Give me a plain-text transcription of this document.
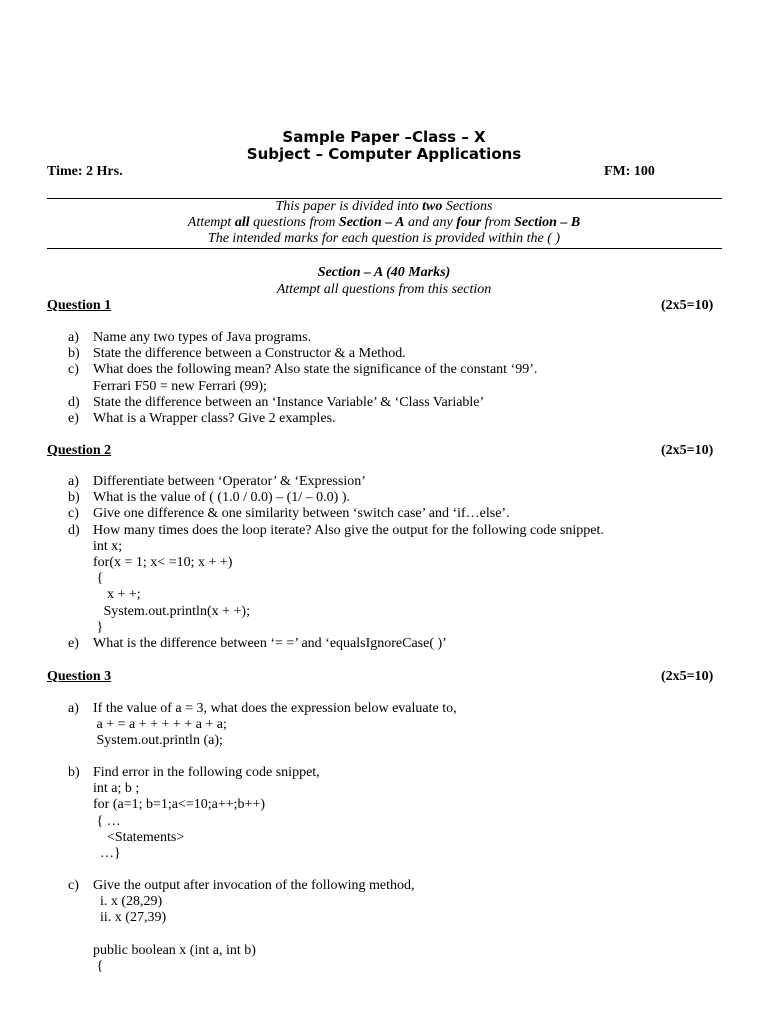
Sample Paper –Class – X
Subject – Computer Applications
Time: 2 Hrs.	FM: 100
This paper is divided into two Sections
Attempt all questions from Section – A and any four from Section – B
The intended marks for each question is provided within the ( )
Section – A (40 Marks)
Attempt all questions from this section
Question 1	(2x5=10)
a) Name any two types of Java programs.
b) State the difference between a Constructor & a Method.
c) What does the following mean? Also state the significance of the constant ‘99’.
Ferrari F50 = new Ferrari (99);
d) State the difference between an ‘Instance Variable’ & ‘Class Variable’
e) What is a Wrapper class? Give 2 examples.
Question 2	(2x5=10)
a) Differentiate between ‘Operator’ & ‘Expression’
b) What is the value of ( (1.0 / 0.0) – (1/ – 0.0) ).
c) Give one difference & one similarity between ‘switch case’ and ‘if…else’.
d) How many times does the loop iterate? Also give the output for the following code snippet.
int x;
for(x = 1; x< =10; x + +)
{
x + +;
System.out.println(x + +);
}
e) What is the difference between ‘= =’ and ‘equalsIgnoreCase( )’
Question 3	(2x5=10)
a) If the value of a = 3, what does the expression below evaluate to,
a + = a + + + + + a + a;
System.out.println (a);
b) Find error in the following code snippet,
int a; b ;
for (a=1; b=1;a<=10;a++;b++)
{ …
<Statements>
…}
c) Give the output after invocation of the following method,
i. x (28,29)
ii. x (27,39)
public boolean x (int a, int b)
{
